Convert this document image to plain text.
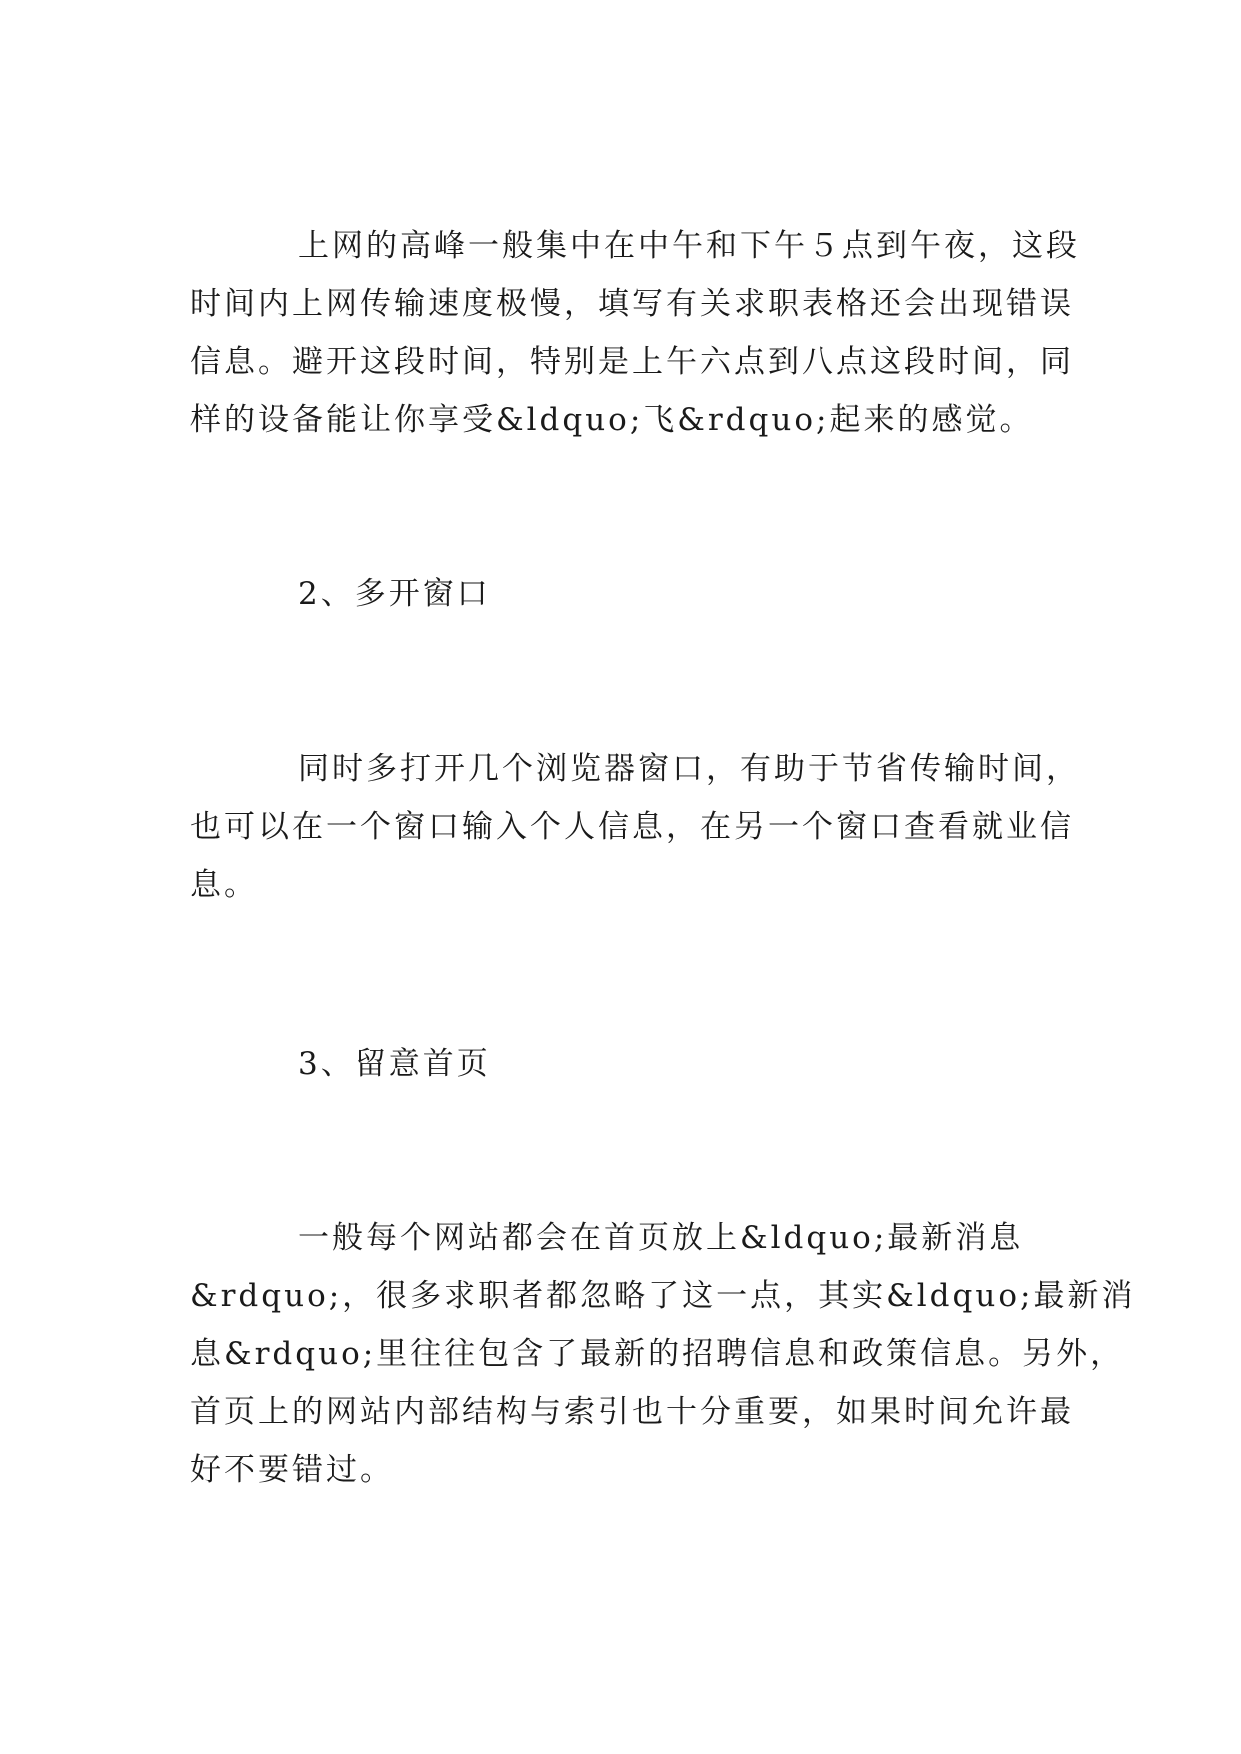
上网的高峰一般集中在中午和下午５点到午夜，这段
时间内上网传输速度极慢，填写有关求职表格还会出现错误
信息。避开这段时间，特别是上午六点到八点这段时间，同
样的设备能让你享受&ldquo;飞&rdquo;起来的感觉。
2、多开窗口
同时多打开几个浏览器窗口，有助于节省传输时间，
也可以在一个窗口输入个人信息，在另一个窗口查看就业信
息。
3、留意首页
一般每个网站都会在首页放上&ldquo;最新消息
&rdquo;，很多求职者都忽略了这一点，其实&ldquo;最新消
息&rdquo;里往往包含了最新的招聘信息和政策信息。另外，
首页上的网站内部结构与索引也十分重要，如果时间允许最
好不要错过。
